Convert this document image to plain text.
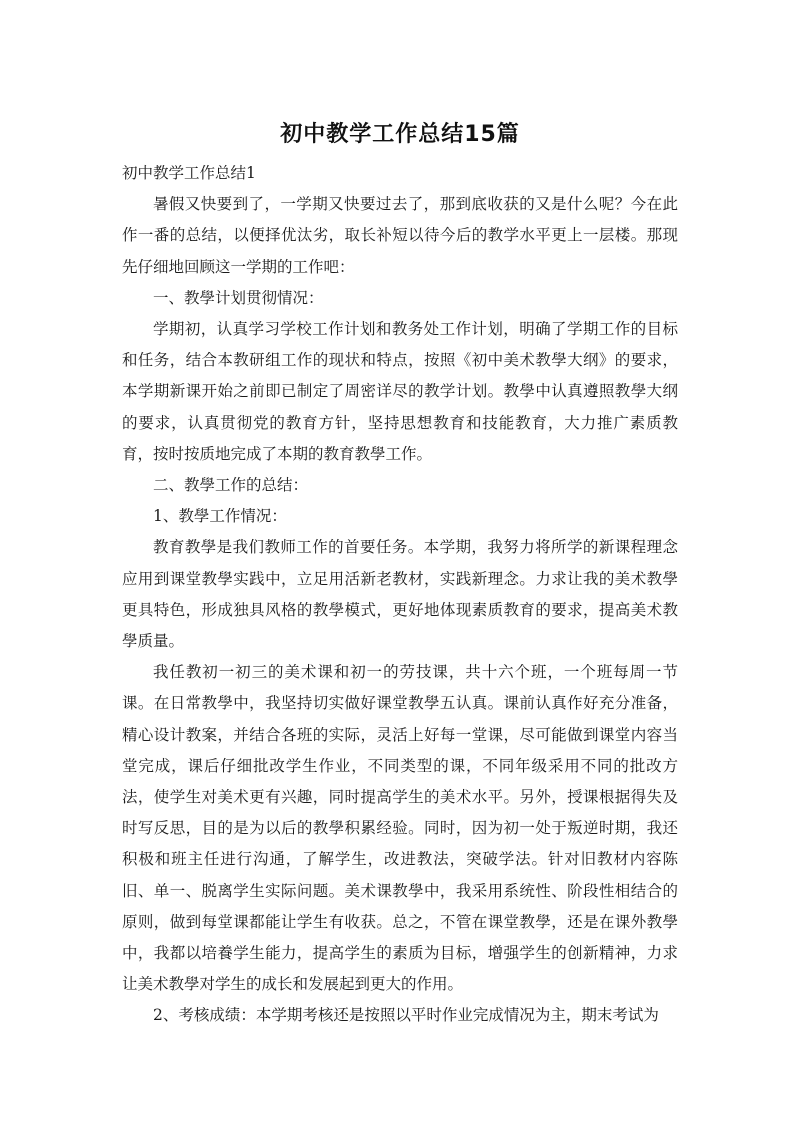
初中教学工作总结15篇

初中教学工作总结1

暑假又快要到了，一学期又快要过去了，那到底收获的又是什么呢？今在此作一番的总结，以便择优汰劣，取长补短以待今后的教学水平更上一层楼。那现先仔细地回顾这一学期的工作吧：

一、教學计划贯彻情况：

学期初，认真学习学校工作计划和教务处工作计划，明确了学期工作的目标和任务，结合本教研组工作的现状和特点，按照《初中美术教學大纲》的要求，本学期新课开始之前即已制定了周密详尽的教学计划。教學中认真遵照教學大纲的要求，认真贯彻党的教育方针，坚持思想教育和技能教育，大力推广素质教育，按时按质地完成了本期的教育教學工作。

二、教學工作的总结：

1、教學工作情况：

教育教學是我们教师工作的首要任务。本学期，我努力将所学的新课程理念应用到课堂教學实践中，立足用活新老教材，实践新理念。力求让我的美术教學更具特色，形成独具风格的教學模式，更好地体现素质教育的要求，提高美术教學质量。

我任教初一初三的美术课和初一的劳技课，共十六个班，一个班每周一节课。在日常教學中，我坚持切实做好课堂教學五认真。课前认真作好充分准备，精心设计教案，并结合各班的实际，灵活上好每一堂课，尽可能做到课堂内容当堂完成，课后仔细批改学生作业，不同类型的课，不同年级采用不同的批改方法，使学生对美术更有兴趣，同时提高学生的美术水平。另外，授课根据得失及时写反思，目的是为以后的教學积累经验。同时，因为初一处于叛逆时期，我还积极和班主任进行沟通，了解学生，改进教法，突破学法。针对旧教材内容陈旧、单一、脱离学生实际问题。美术课教學中，我采用系统性、阶段性相结合的原则，做到每堂课都能让学生有收获。总之，不管在课堂教學，还是在课外教學中，我都以培養学生能力，提高学生的素质为目标，增强学生的创新精神，力求让美术教學对学生的成长和发展起到更大的作用。

2、考核成绩：本学期考核还是按照以平时作业完成情况为主，期末考试为
